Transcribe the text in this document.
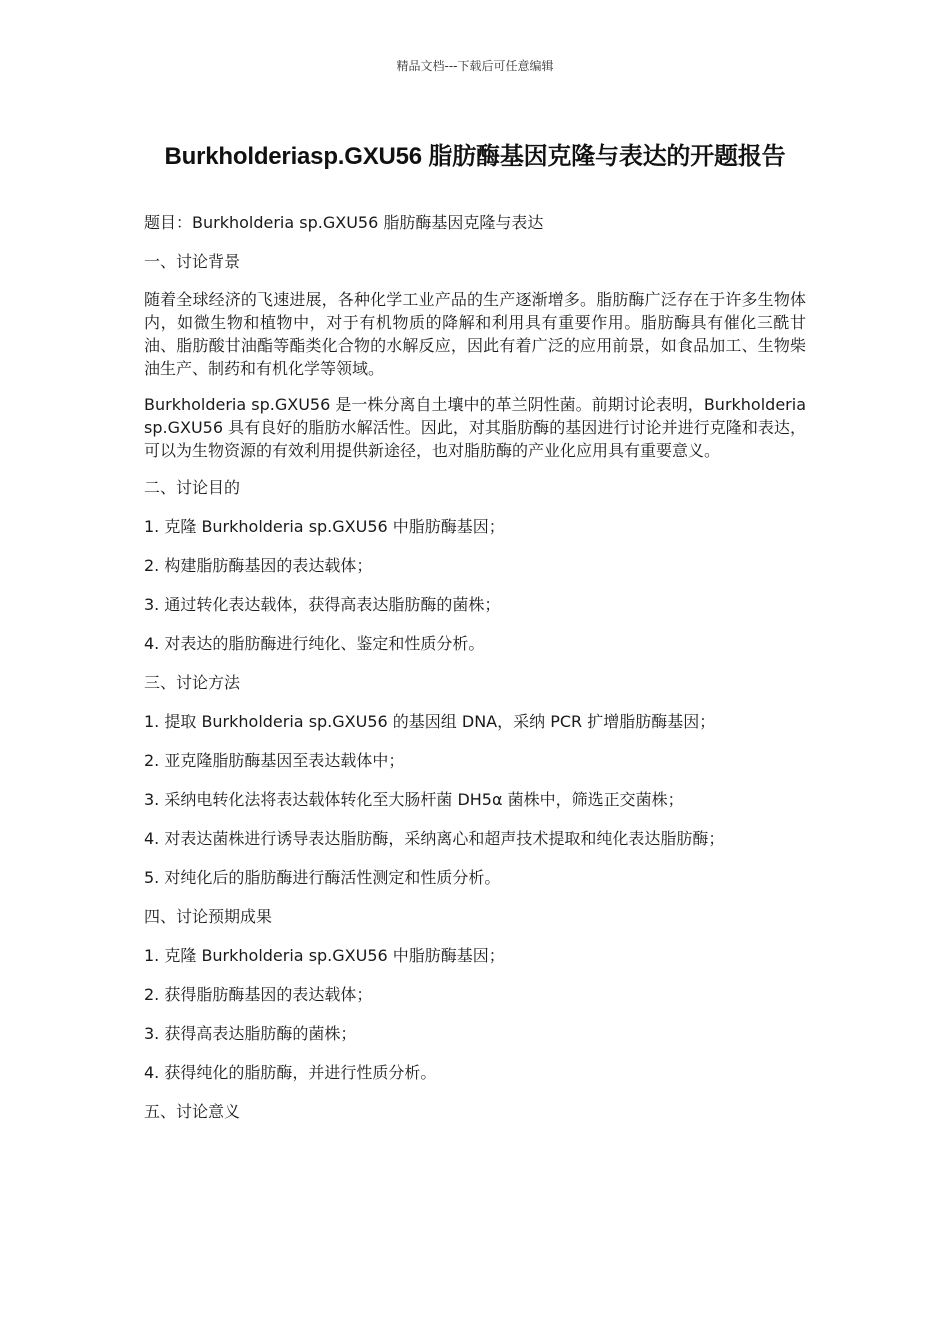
精品文档---下载后可任意编辑
Burkholderiasp.GXU56 脂肪酶基因克隆与表达的开题报告
题目：Burkholderia sp.GXU56 脂肪酶基因克隆与表达
一、讨论背景
随着全球经济的飞速进展，各种化学工业产品的生产逐渐增多。脂肪酶广泛存在于许多生物体内，如微生物和植物中，对于有机物质的降解和利用具有重要作用。脂肪酶具有催化三酰甘油、脂肪酸甘油酯等酯类化合物的水解反应，因此有着广泛的应用前景，如食品加工、生物柴油生产、制药和有机化学等领域。
Burkholderia sp.GXU56 是一株分离自土壤中的革兰阴性菌。前期讨论表明，Burkholderia sp.GXU56 具有良好的脂肪水解活性。因此，对其脂肪酶的基因进行讨论并进行克隆和表达，可以为生物资源的有效利用提供新途径，也对脂肪酶的产业化应用具有重要意义。
二、讨论目的
1. 克隆 Burkholderia sp.GXU56 中脂肪酶基因；
2. 构建脂肪酶基因的表达载体；
3. 通过转化表达载体，获得高表达脂肪酶的菌株；
4. 对表达的脂肪酶进行纯化、鉴定和性质分析。
三、讨论方法
1. 提取 Burkholderia sp.GXU56 的基因组 DNA，采纳 PCR 扩增脂肪酶基因；
2. 亚克隆脂肪酶基因至表达载体中；
3. 采纳电转化法将表达载体转化至大肠杆菌 DH5α 菌株中，筛选正交菌株；
4. 对表达菌株进行诱导表达脂肪酶，采纳离心和超声技术提取和纯化表达脂肪酶；
5. 对纯化后的脂肪酶进行酶活性测定和性质分析。
四、讨论预期成果
1. 克隆 Burkholderia sp.GXU56 中脂肪酶基因；
2. 获得脂肪酶基因的表达载体；
3. 获得高表达脂肪酶的菌株；
4. 获得纯化的脂肪酶，并进行性质分析。
五、讨论意义
